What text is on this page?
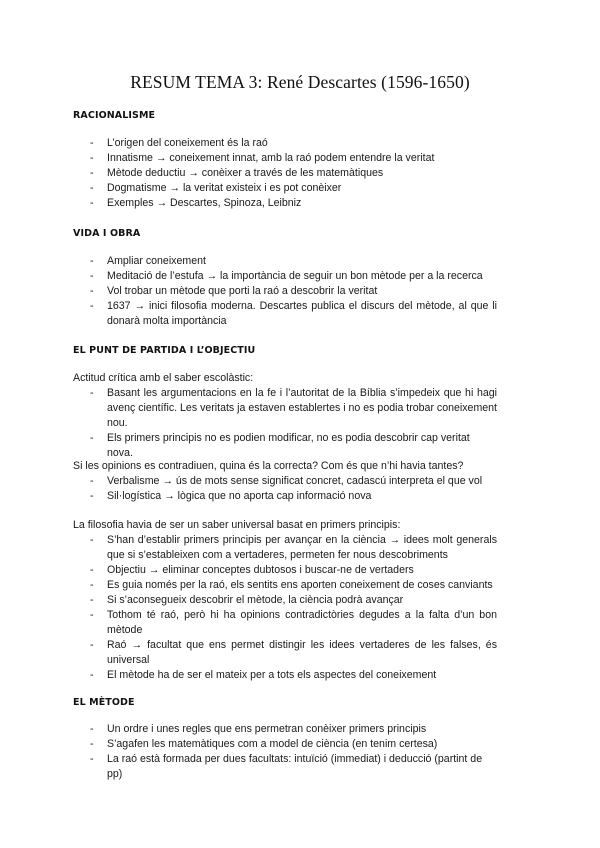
RESUM TEMA 3: René Descartes (1596-1650)
RACIONALISME
- L’origen del coneixement és la raó
- Innatisme → coneixement innat, amb la raó podem entendre la veritat
- Mètode deductiu → conèixer a través de les matemàtiques
- Dogmatisme → la veritat existeix i es pot conèixer
- Exemples → Descartes, Spinoza, Leibniz
VIDA I OBRA
- Ampliar coneixement
- Meditació de l’estufa → la importància de seguir un bon mètode per a la recerca
- Vol trobar un mètode que porti la raó a descobrir la veritat
- 1637 → inici filosofia moderna. Descartes publica el discurs del mètode, al que li donarà molta importància
EL PUNT DE PARTIDA I L’OBJECTIU
Actitud crítica amb el saber escolàstic:
- Basant les argumentacions en la fe i l’autoritat de la Bíblia s’impedeix que hi hagi avenç científic. Les veritats ja estaven establertes i no es podia trobar coneixement nou.
- Els primers principis no es podien modificar, no es podia descobrir cap veritat nova.
Si les opinions es contradiuen, quina és la correcta? Com és que n’hi havia tantes?
- Verbalisme → ús de mots sense significat concret, cadascú interpreta el que vol
- Sil·logística → lògica que no aporta cap informació nova
La filosofia havia de ser un saber universal basat en primers principis:
- S’han d’establir primers principis per avançar en la ciència → idees molt generals que si s’estableixen com a vertaderes, permeten fer nous descobriments
- Objectiu → eliminar conceptes dubtosos i buscar-ne de vertaders
- Es guia només per la raó, els sentits ens aporten coneixement de coses canviants
- Si s’aconsegueix descobrir el mètode, la ciència podrà avançar
- Tothom té raó, però hi ha opinions contradictòries degudes a la falta d’un bon mètode
- Raó → facultat que ens permet distingir les idees vertaderes de les falses, és universal
- El mètode ha de ser el mateix per a tots els aspectes del coneixement
EL MÈTODE
- Un ordre i unes regles que ens permetran conèixer primers principis
- S’agafen les matemàtiques com a model de ciència (en tenim certesa)
- La raó està formada per dues facultats: intuïció (immediat) i deducció (partint de pp)
